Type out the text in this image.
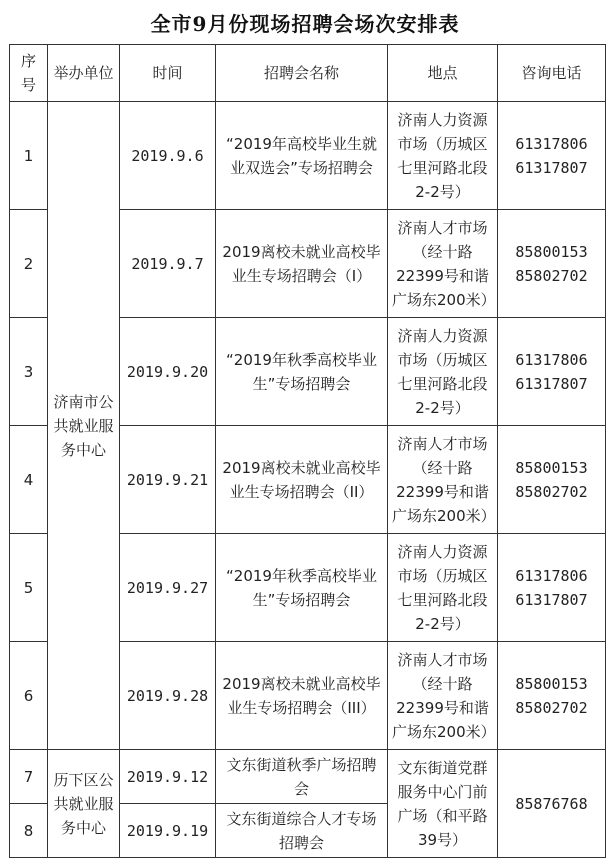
全市9月份现场招聘会场次安排表
序号	举办单位	时间	招聘会名称	地点	咨询电话
1	济南市公共就业服务中心	2019.9.6	“2019年高校毕业生就业双选会”专场招聘会	济南人力资源市场（历城区七里河路北段2-2号）	61317806
61317807

2		2019.9.7	2019离校未就业高校毕业生专场招聘会（Ⅰ）	济南人才市场（经十路22399号和谐广场东200米）	85800153
85802702

3		2019.9.20	“2019年秋季高校毕业生”专场招聘会	济南人力资源市场（历城区七里河路北段2-2号）	61317806
61317807

4		2019.9.21	2019离校未就业高校毕业生专场招聘会（ⅠⅠ）	济南人才市场（经十路22399号和谐广场东200米）	85800153
85802702

5		2019.9.27	“2019年秋季高校毕业生”专场招聘会	济南人力资源市场（历城区七里河路北段2-2号）	61317806
61317807

6		2019.9.28	2019离校未就业高校毕业生专场招聘会（ⅠⅠⅠ）	济南人才市场（经十路22399号和谐广场东200米）	85800153
85802702

7	历下区公共就业服务中心	2019.9.12	文东街道秋季广场招聘会	文东街道党群服务中心门前广场（和平路39号）	85876768
8		2019.9.19	文东街道综合人才专场招聘会		
